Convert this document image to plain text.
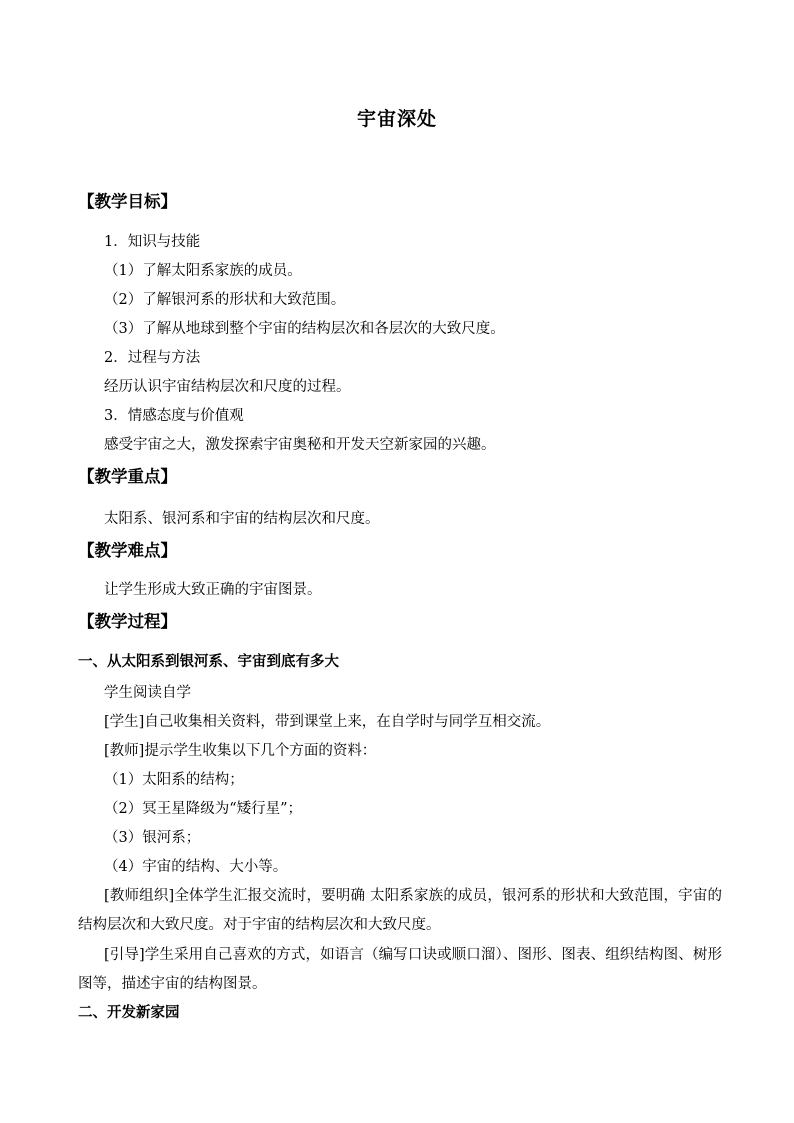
宇宙深处
【教学目标】
1．知识与技能
（1）了解太阳系家族的成员。
（2）了解银河系的形状和大致范围。
（3）了解从地球到整个宇宙的结构层次和各层次的大致尺度。
2．过程与方法
经历认识宇宙结构层次和尺度的过程。
3．情感态度与价值观
感受宇宙之大，激发探索宇宙奥秘和开发天空新家园的兴趣。
【教学重点】
太阳系、银河系和宇宙的结构层次和尺度。
【教学难点】
让学生形成大致正确的宇宙图景。
【教学过程】
一、从太阳系到银河系、宇宙到底有多大
学生阅读自学
[学生]自己收集相关资料，带到课堂上来，在自学时与同学互相交流。
[教师]提示学生收集以下几个方面的资料：
（1）太阳系的结构；
（2）冥王星降级为“矮行星”；
（3）银河系；
（4）宇宙的结构、大小等。
[教师组织]全体学生汇报交流时，要明确 太阳系家族的成员，银河系的形状和大致范围，宇宙的结构层次和大致尺度。对于宇宙的结构层次和大致尺度。
[引导]学生采用自己喜欢的方式，如语言（编写口诀或顺口溜）、图形、图表、组织结构图、树形图等，描述宇宙的结构图景。
二、开发新家园
